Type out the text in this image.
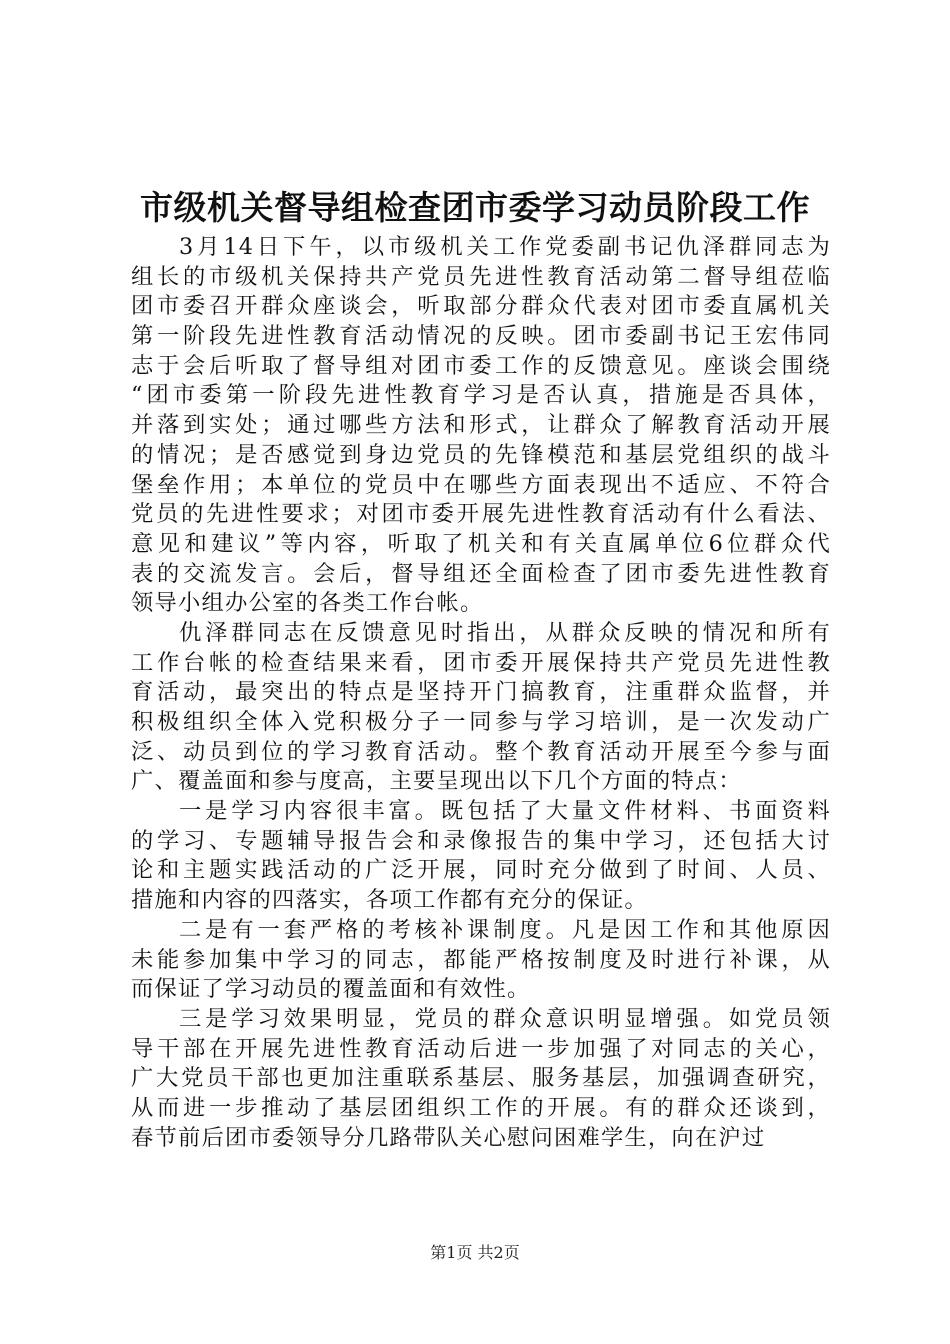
市级机关督导组检查团市委学习动员阶段工作
3月14日下午，以市级机关工作党委副书记仇泽群同志为
组长的市级机关保持共产党员先进性教育活动第二督导组莅临
团市委召开群众座谈会，听取部分群众代表对团市委直属机关
第一阶段先进性教育活动情况的反映。团市委副书记王宏伟同
志于会后听取了督导组对团市委工作的反馈意见。座谈会围绕
“团市委第一阶段先进性教育学习是否认真，措施是否具体，
并落到实处；通过哪些方法和形式，让群众了解教育活动开展
的情况；是否感觉到身边党员的先锋模范和基层党组织的战斗
堡垒作用；本单位的党员中在哪些方面表现出不适应、不符合
党员的先进性要求；对团市委开展先进性教育活动有什么看法、
意见和建议”等内容，听取了机关和有关直属单位6位群众代
表的交流发言。会后，督导组还全面检查了团市委先进性教育
领导小组办公室的各类工作台帐。
仇泽群同志在反馈意见时指出，从群众反映的情况和所有
工作台帐的检查结果来看，团市委开展保持共产党员先进性教
育活动，最突出的特点是坚持开门搞教育，注重群众监督，并
积极组织全体入党积极分子一同参与学习培训，是一次发动广
泛、动员到位的学习教育活动。整个教育活动开展至今参与面
广、覆盖面和参与度高，主要呈现出以下几个方面的特点：
一是学习内容很丰富。既包括了大量文件材料、书面资料
的学习、专题辅导报告会和录像报告的集中学习，还包括大讨
论和主题实践活动的广泛开展，同时充分做到了时间、人员、
措施和内容的四落实，各项工作都有充分的保证。
二是有一套严格的考核补课制度。凡是因工作和其他原因
未能参加集中学习的同志，都能严格按制度及时进行补课，从
而保证了学习动员的覆盖面和有效性。
三是学习效果明显，党员的群众意识明显增强。如党员领
导干部在开展先进性教育活动后进一步加强了对同志的关心，
广大党员干部也更加注重联系基层、服务基层，加强调查研究，
从而进一步推动了基层团组织工作的开展。有的群众还谈到，
春节前后团市委领导分几路带队关心慰问困难学生，向在沪过
第1页 共2页
